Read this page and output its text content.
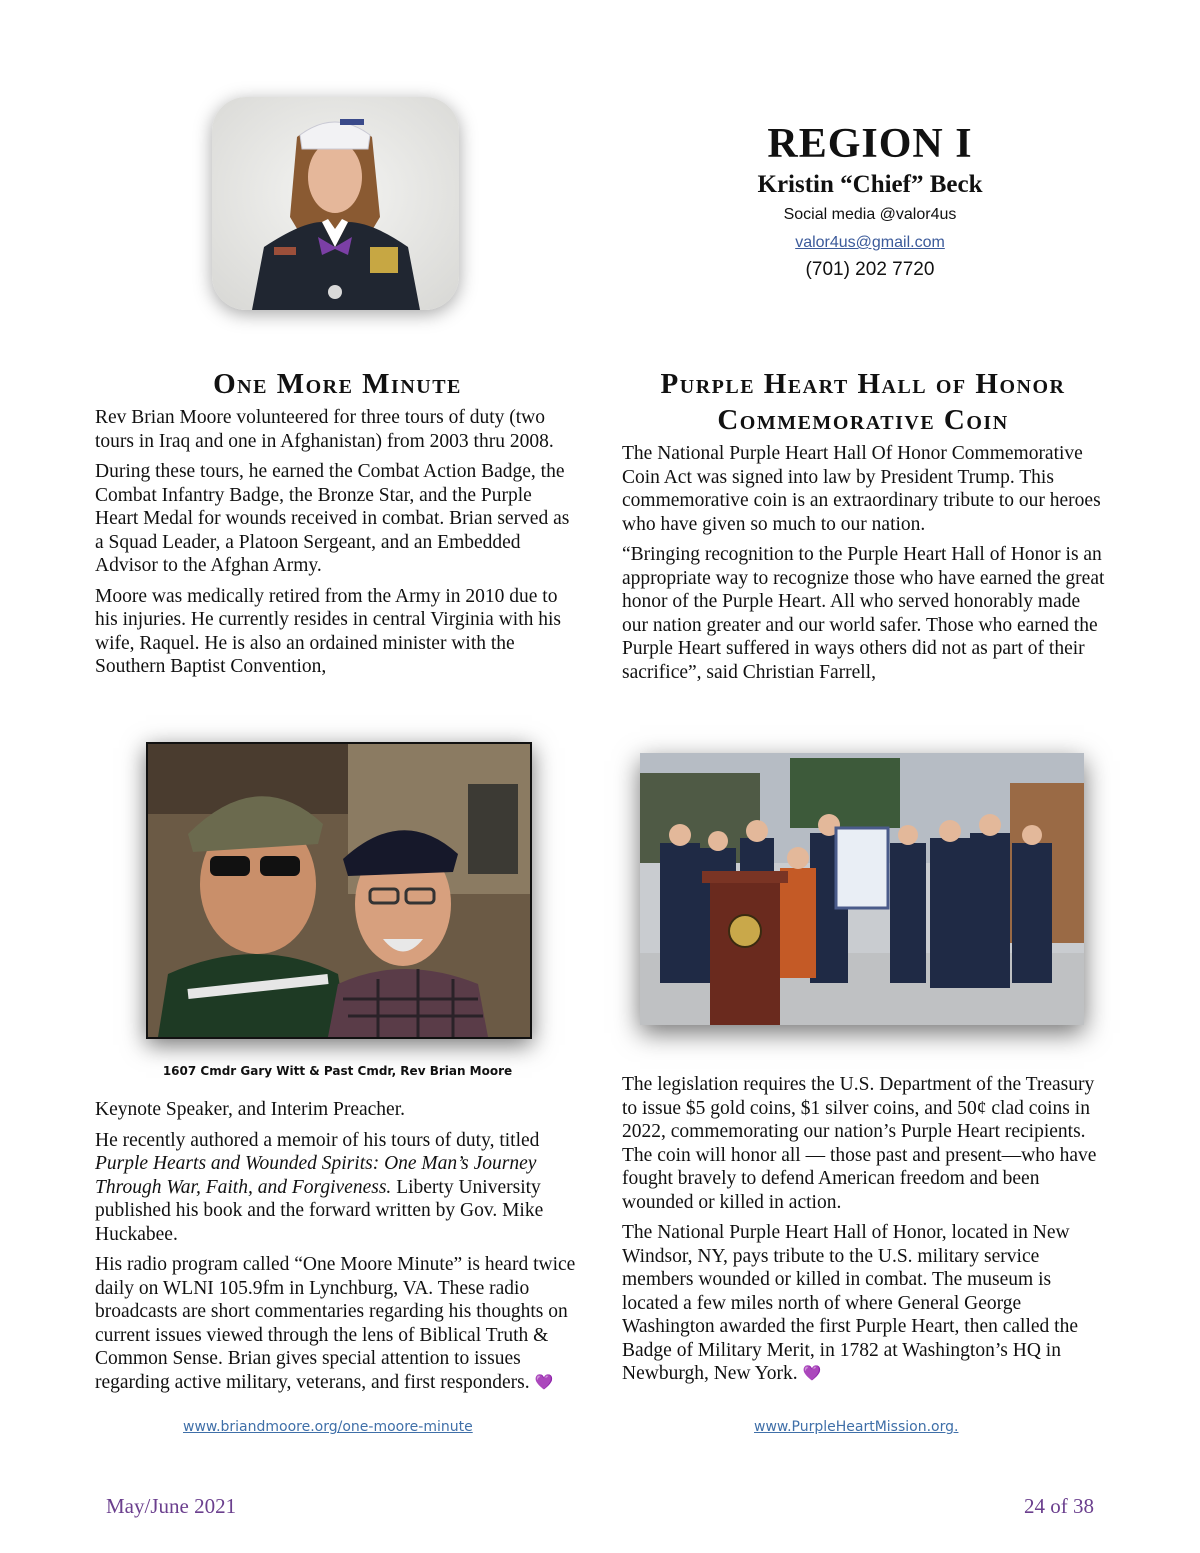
REGION I
Kristin “Chief” Beck
Social media @valor4us
valor4us@gmail.com
(701) 202 7720
One More Minute	Purple Heart Hall of Honor
Commemorative Coin

Rev Brian Moore volunteered for three tours of duty (two tours in Iraq and one in Afghanistan) from 2003 thru 2008.

During these tours, he earned the Combat Action Badge, the Combat Infantry Badge, the Bronze Star, and the Purple Heart Medal for wounds received in combat. Brian served as a Squad Leader, a Platoon Sergeant, and an Embedded Advisor to the Afghan Army.

Moore was medically retired from the Army in 2010 due to his injuries. He currently resides in central Virginia with his wife, Raquel. He is also an ordained minister with the Southern Baptist Convention,

The National Purple Heart Hall Of Honor Commemorative Coin Act was signed into law by President Trump. This commemorative coin is an extraordinary tribute to our heroes who have given so much to our nation.

“Bringing recognition to the Purple Heart Hall of Honor is an appropriate way to recognize those who have earned the great honor of the Purple Heart. All who served honorably made our nation greater and our world safer. Those who earned the Purple Heart suffered in ways others did not as part of their sacrifice”, said Christian Farrell,

1607 Cmdr Gary Witt & Past Cmdr, Rev Brian Moore

Keynote Speaker, and Interim Preacher.

He recently authored a memoir of his tours of duty, titled Purple Hearts and Wounded Spirits: One Man’s Journey Through War, Faith, and Forgiveness. Liberty University published his book and the forward written by Gov. Mike Huckabee.

His radio program called “One Moore Minute” is heard twice daily on WLNI 105.9fm in Lynchburg, VA. These radio broadcasts are short commentaries regarding his thoughts on current issues viewed through the lens of Biblical Truth & Common Sense. Brian gives special attention to issues regarding active military, veterans, and first responders. 💜

The legislation requires the U.S. Department of the Treasury to issue $5 gold coins, $1 silver coins, and 50¢ clad coins in 2022, commemorating our nation’s Purple Heart recipients. The coin will honor all — those past and present—who have fought bravely to defend American freedom and been wounded or killed in action.

The National Purple Heart Hall of Honor, located in New Windsor, NY, pays tribute to the U.S. military service members wounded or killed in combat. The museum is located a few miles north of where General George Washington awarded the first Purple Heart, then called the Badge of Military Merit, in 1782 at Washington’s HQ in Newburgh, New York. 💜

www.briandmoore.org/one-moore-minute	www.PurpleHeartMission.org.
May/June 2021	24 of 38
